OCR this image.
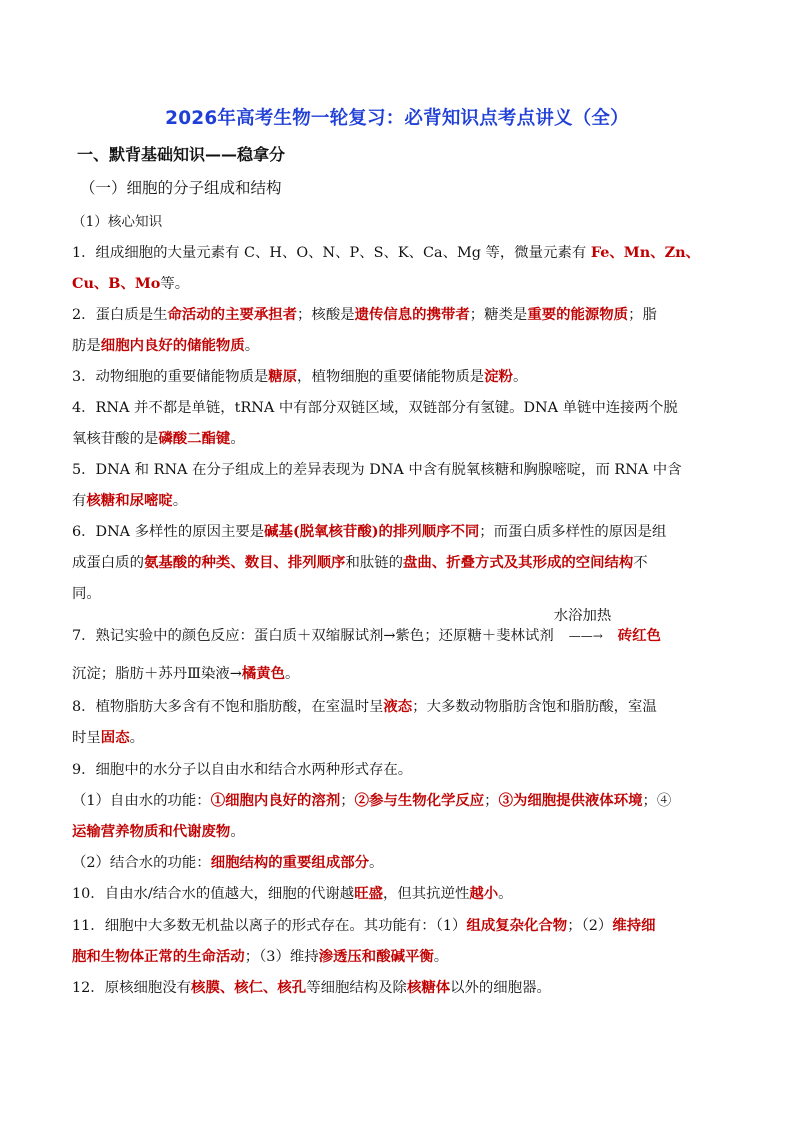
2026年高考生物一轮复习：必背知识点考点讲义（全）
一、默背基础知识——稳拿分
（一）细胞的分子组成和结构
（1）核心知识
1．组成细胞的大量元素有 C、H、O、N、P、S、K、Ca、Mg 等，微量元素有 Fe、Mn、Zn、
Cu、B、Mo等。
2．蛋白质是生命活动的主要承担者；核酸是遗传信息的携带者；糖类是重要的能源物质；脂
肪是细胞内良好的储能物质。
3．动物细胞的重要储能物质是糖原，植物细胞的重要储能物质是淀粉。
4．RNA 并不都是单链，tRNA 中有部分双链区域，双链部分有氢键。DNA 单链中连接两个脱
氧核苷酸的是磷酸二酯键。
5．DNA 和 RNA 在分子组成上的差异表现为 DNA 中含有脱氧核糖和胸腺嘧啶，而 RNA 中含
有核糖和尿嘧啶。
6．DNA 多样性的原因主要是碱基(脱氧核苷酸)的排列顺序不同；而蛋白质多样性的原因是组
成蛋白质的氨基酸的种类、数目、排列顺序和肽链的盘曲、折叠方式及其形成的空间结构不
同。
7．熟记实验中的颜色反应：蛋白质＋双缩脲试剂→紫色；还原糖＋斐林试剂
水浴加热
——→ 砖红色
沉淀；脂肪＋苏丹Ⅲ染液→橘黄色。
8．植物脂肪大多含有不饱和脂肪酸，在室温时呈液态；大多数动物脂肪含饱和脂肪酸，室温
时呈固态。
9．细胞中的水分子以自由水和结合水两种形式存在。
（1）自由水的功能：①细胞内良好的溶剂；②参与生物化学反应；③为细胞提供液体环境；④
运输营养物质和代谢废物。
（2）结合水的功能：细胞结构的重要组成部分。
10．自由水/结合水的值越大，细胞的代谢越旺盛，但其抗逆性越小。
11．细胞中大多数无机盐以离子的形式存在。其功能有：（1）组成复杂化合物；（2）维持细
胞和生物体正常的生命活动；（3）维持渗透压和酸碱平衡。
12．原核细胞没有核膜、核仁、核孔等细胞结构及除核糖体以外的细胞器。
